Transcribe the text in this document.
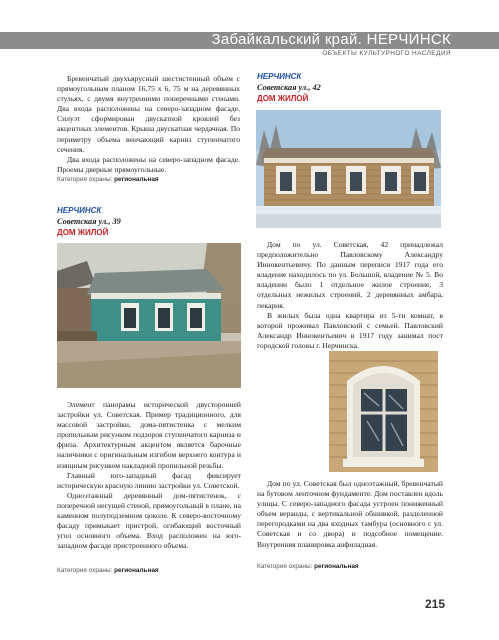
Забайкальский край. НЕРЧИНСК
ОБЪЕКТЫ КУЛЬТУРНОГО НАСЛЕДИЯ

Бревенчатый двухъярусный шестистенный объем с прямоугольным планом 16,75 x 6, 75 м на деревянных стульях, с двумя внутренними поперечными стенами. Два входа расположены на северо-западном фасаде. Силуэт сформирован двускатной кровлей без акцентных элементов. Крыша двускатная чердачная. По периметру объема венчающий карниз ступенчатого сечения.

Два входа расположены на северо-западном фасаде. Проемы дверные прямоугольные.

Категория охраны: региональная
НЕРЧИНСК
Советская ул., 42
ДОМ ЖИЛОЙ
НЕРЧИНСК
Советская ул., 39
ДОМ ЖИЛОЙ

Дом по ул. Советская, 42 принадлежал предположительно Павловскому Александру Иннокентьевичу. По данным переписи 1917 года его владение находилось по ул. Большой, владение № 5. Во владении было 1 отдельное жилое строение, 3 отдельных нежилых строений, 2 деревянных амбара, пекарня.

В жилых была одна квартира из 5-ти комнат, в которой проживал Павловский с семьей. Павловский Александр Иннокентьевич в 1917 году занимал пост городской головы г. Нерчинска.

Элемент панорамы исторической двусторонней застройки ул. Советская. Пример традиционного, для массовой застройки, дома-пятистенка с мелким пропильным рисунком подзоров ступенчатого карниза и фриза. Архитектурным акцентом является барочные наличники с оригинальным изгибом верхнего контура и изящным рисунком накладной пропильной резьбы.

Главный юго-западный фасад фиксирует историческую красную линию застройки ул. Советской.

Одноэтажный деревянный дом-пятистенок, с поперечной несущей стеной, прямоугольный в плане, на каменном полуподземном цоколе. К северо-восточному фасаду примыкает пристрой, огибающий восточный угол основного объема. Вход расположен на юго-западном фасаде пристроенного объема.

Категория охраны: региональная

Дом по ул. Советская был одноэтажный, бревенчатый на бутовом ленточном фундаменте. Дом поставлен вдоль улицы. С северо-западного фасада устроен пониженный объем веранды, с вертикальной обшивкой, разделенной перегородками на два входных тамбура (основного с ул. Советская и со двора) и подсобное помещение. Внутренняя планировка анфиладная.

Категория охраны: региональная
215
